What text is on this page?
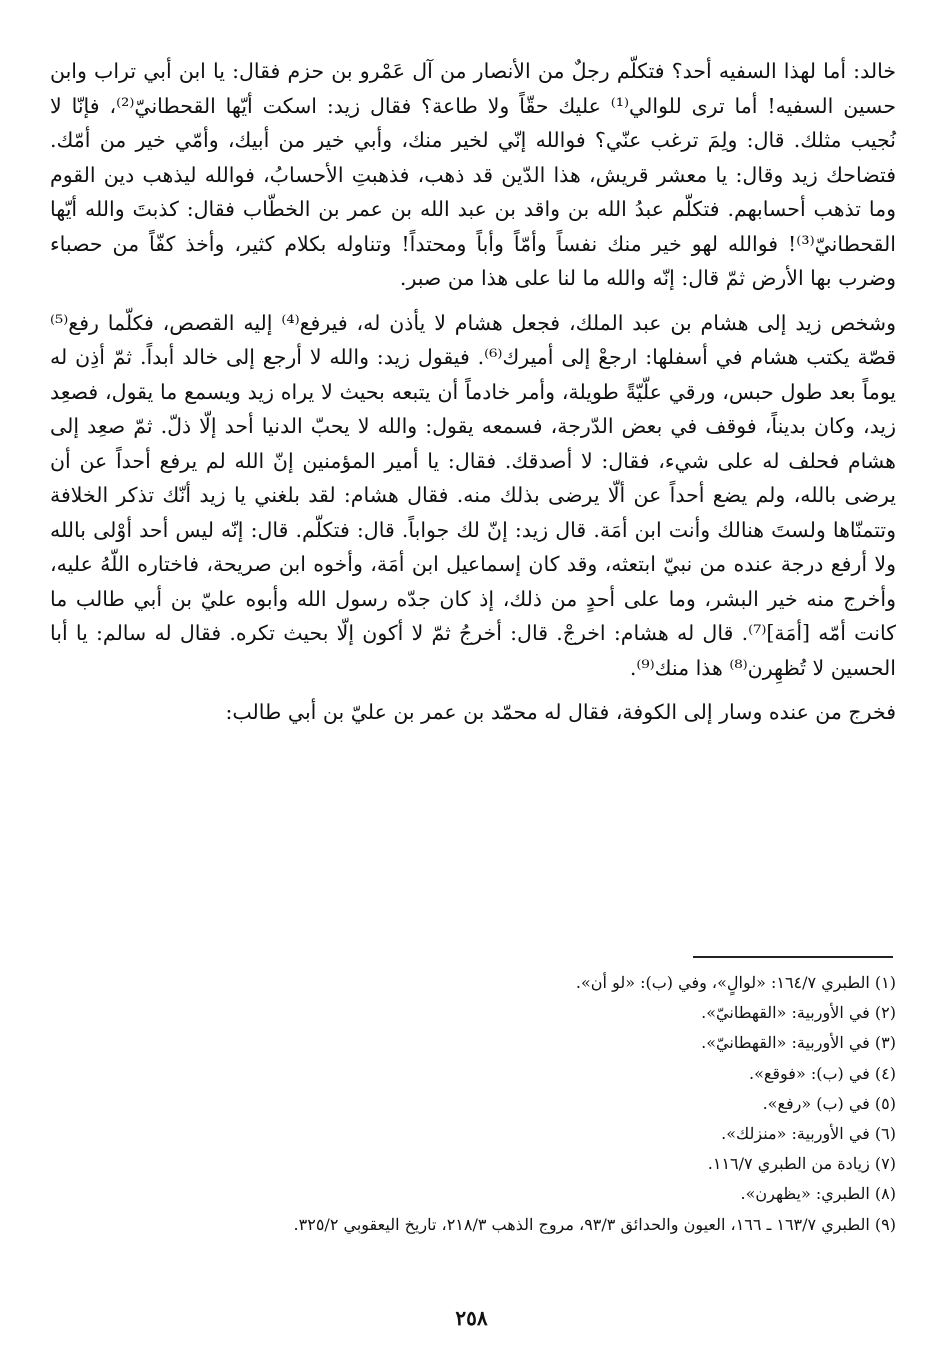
خالد: أما لهذا السفيه أحد؟ فتكلّم رجلٌ من الأنصار من آل عَمْرو بن حزم فقال: يا ابن أبي تراب وابن حسين السفيه! أما ترى للوالي⁽¹⁾ عليك حقّاً ولا طاعة؟ فقال زيد: اسكت أيّها القحطانيّ⁽²⁾، فإنّا لا نُجيب مثلك. قال: ولِمَ ترغب عنّي؟ فوالله إنّي لخير منك، وأبي خير من أبيك، وأمّي خير من أمّك. فتضاحك زيد وقال: يا معشر قريش، هذا الدّين قد ذهب، فذهبتِ الأحسابُ، فوالله ليذهب دين القوم وما تذهب أحسابهم. فتكلّم عبدُ الله بن واقد بن عبد الله بن عمر بن الخطّاب فقال: كذبتَ والله أيّها القحطانيّ⁽³⁾! فوالله لهو خير منك نفساً وأمّاً وأباً ومحتداً! وتناوله بكلام كثير، وأخذ كفّاً من حصباء وضرب بها الأرض ثمّ قال: إنّه والله ما لنا على هذا من صبر.

وشخص زيد إلى هشام بن عبد الملك، فجعل هشام لا يأذن له، فيرفع⁽⁴⁾ إليه القصص، فكلّما رفع⁽⁵⁾ قصّة يكتب هشام في أسفلها: ارجعْ إلى أميرك⁽⁶⁾. فيقول زيد: والله لا أرجع إلى خالد أبداً. ثمّ أذِن له يوماً بعد طول حبس، ورقي علّيّةً طويلة، وأمر خادماً أن يتبعه بحيث لا يراه زيد ويسمع ما يقول، فصعِد زيد، وكان بديناً، فوقف في بعض الدّرجة، فسمعه يقول: والله لا يحبّ الدنيا أحد إلّا ذلّ. ثمّ صعِد إلى هشام فحلف له على شيء، فقال: لا أصدقك. فقال: يا أمير المؤمنين إنّ الله لم يرفع أحداً عن أن يرضى بالله، ولم يضع أحداً عن ألّا يرضى بذلك منه. فقال هشام: لقد بلغني يا زيد أنّك تذكر الخلافة وتتمنّاها ولستَ هنالك وأنت ابن أمَة. قال زيد: إنّ لك جواباً. قال: فتكلّم. قال: إنّه ليس أحد أوْلى بالله ولا أرفع درجة عنده من نبيّ ابتعثه، وقد كان إسماعيل ابن أمَة، وأخوه ابن صريحة، فاختاره اللّهُ عليه، وأخرج منه خير البشر، وما على أحدٍ من ذلك، إذ كان جدّه رسول الله وأبوه عليّ بن أبي طالب ما كانت أمّه [أمَة]⁽⁷⁾. قال له هشام: اخرجْ. قال: أخرجُ ثمّ لا أكون إلّا بحيث تكره. فقال له سالم: يا أبا الحسين لا تُظهِرن⁽⁸⁾ هذا منك⁽⁹⁾.

فخرج من عنده وسار إلى الكوفة، فقال له محمّد بن عمر بن عليّ بن أبي طالب:

(١) الطبري ١٦٤/٧: «لوالٍ»، وفي (ب): «لو أن».
(٢) في الأوربية: «القهطانيّ».
(٣) في الأوربية: «القهطانيّ».
(٤) في (ب): «فوقع».
(٥) في (ب) «رفع».
(٦) في الأوربية: «منزلك».
(٧) زيادة من الطبري ١١٦/٧.
(٨) الطبري: «يظهرن».
(٩) الطبري ١٦٣/٧ ـ ١٦٦، العيون والحدائق ٩٣/٣، مروج الذهب ٢١٨/٣، تاريخ اليعقوبي ٣٢٥/٢.
٢٥٨
